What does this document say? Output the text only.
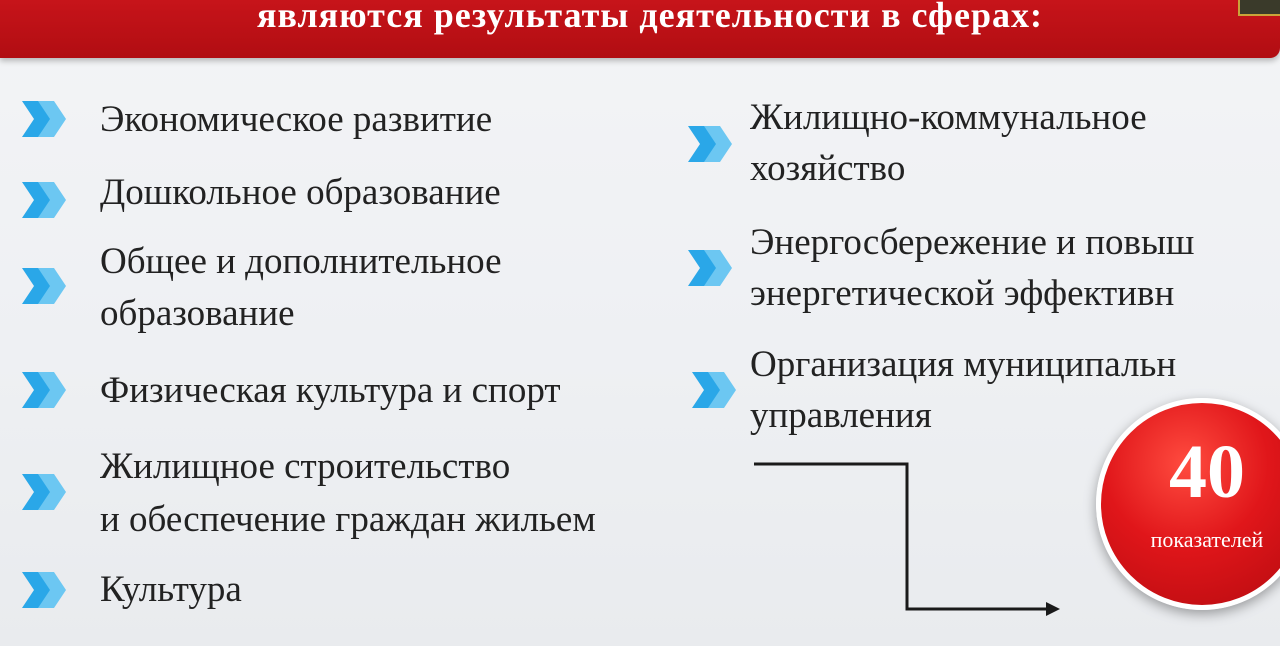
являются результаты деятельности в сферах:
Экономическое развитие
Дошкольное образование
Общее и дополнительное
образование
Физическая культура и спорт
Жилищное строительство
и обеспечение граждан жильем
Культура
Жилищно-коммунальное
хозяйство
Энергосбережение и повыш
энергетической эффективн
Организация муниципальн
управления
40
показателей
